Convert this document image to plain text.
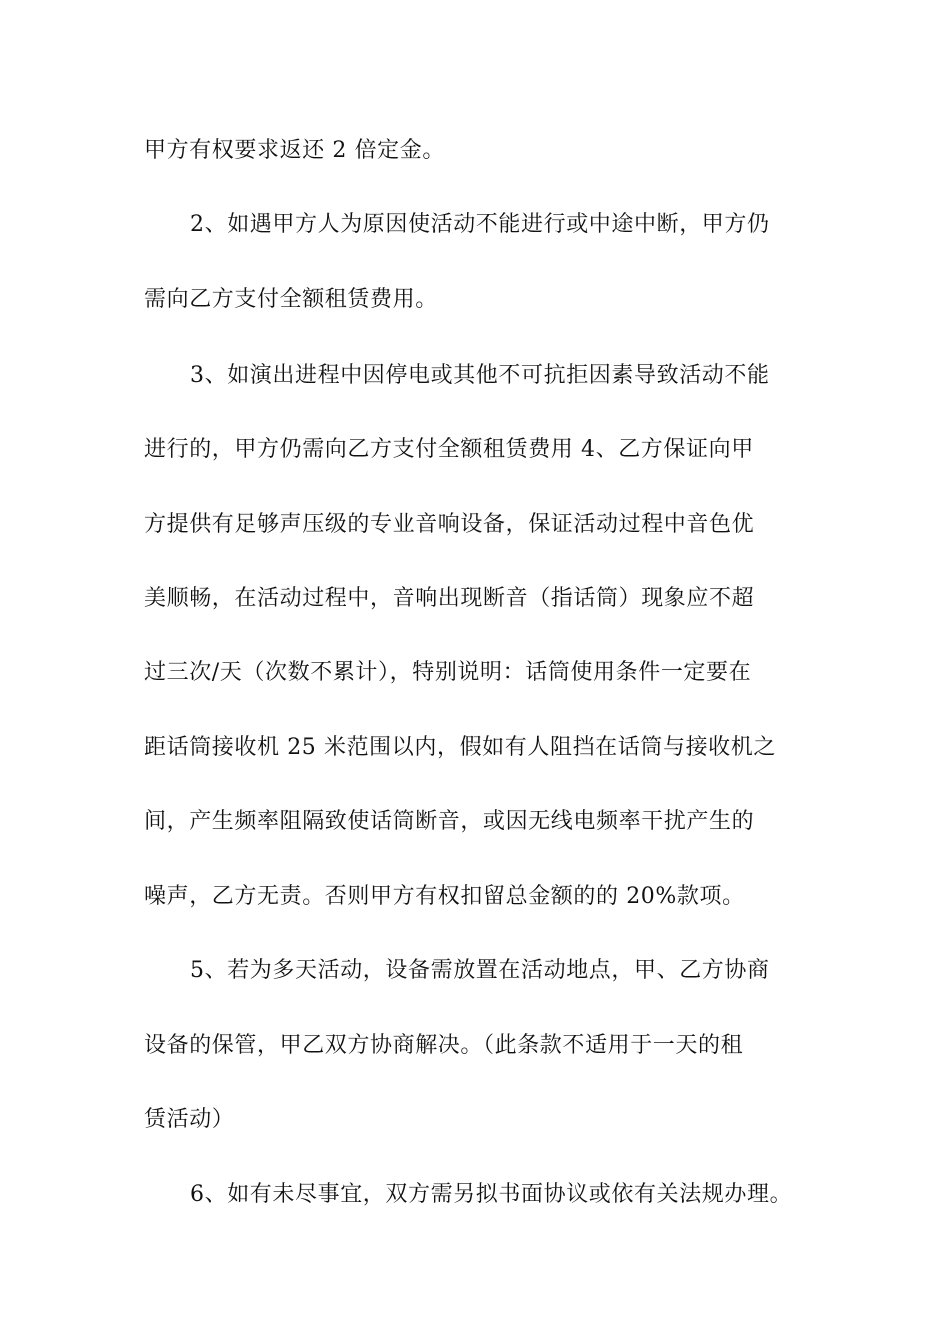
甲方有权要求返还 2 倍定金。
2、如遇甲方人为原因使活动不能进行或中途中断，甲方仍
需向乙方支付全额租赁费用。
3、如演出进程中因停电或其他不可抗拒因素导致活动不能
进行的，甲方仍需向乙方支付全额租赁费用 4、乙方保证向甲
方提供有足够声压级的专业音响设备，保证活动过程中音色优
美顺畅，在活动过程中，音响出现断音（指话筒）现象应不超
过三次/天（次数不累计），特别说明：话筒使用条件一定要在
距话筒接收机 25 米范围以内，假如有人阻挡在话筒与接收机之
间，产生频率阻隔致使话筒断音，或因无线电频率干扰产生的
噪声，乙方无责。否则甲方有权扣留总金额的的 20%款项。
5、若为多天活动，设备需放置在活动地点，甲、乙方协商
设备的保管，甲乙双方协商解决。（此条款不适用于一天的租
赁活动）
6、如有未尽事宜，双方需另拟书面协议或依有关法规办理。
